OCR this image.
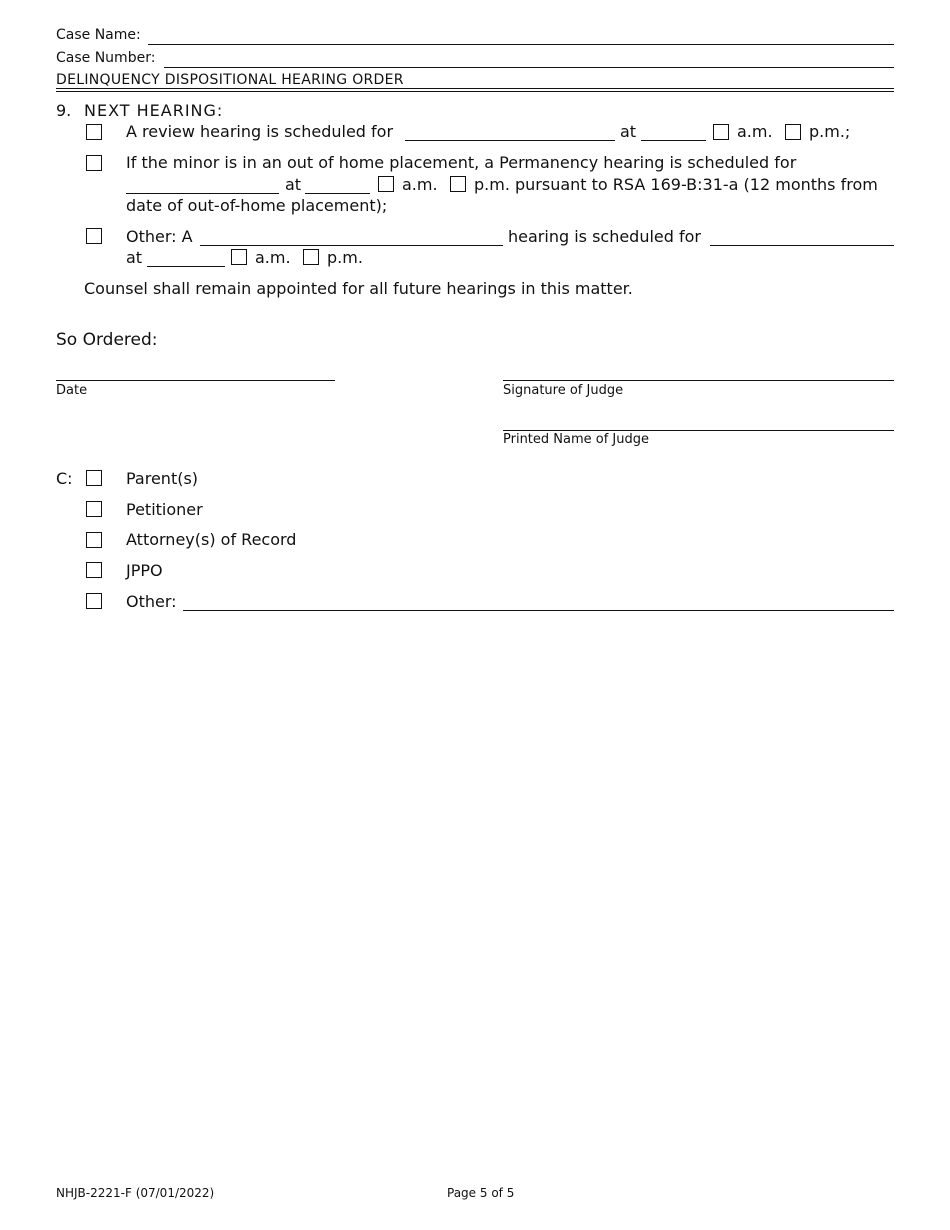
Case Name:
Case Number:
DELINQUENCY DISPOSITIONAL HEARING ORDER
9. NEXT HEARING:
A review hearing is scheduled for	at	a.m. p.m.;
If the minor is in an out of home placement, a Permanency hearing is scheduled for
at	a.m. p.m. pursuant to RSA 169-B:31-a (12 months from
date of out-of-home placement);
Other: A	hearing is scheduled for
at	a.m. p.m.
Counsel shall remain appointed for all future hearings in this matter.
So Ordered:
Date	Signature of Judge
Printed Name of Judge
C:	Parent(s)
Petitioner
Attorney(s) of Record
JPPO
Other:
NHJB-2221-F (07/01/2022)	Page 5 of 5
